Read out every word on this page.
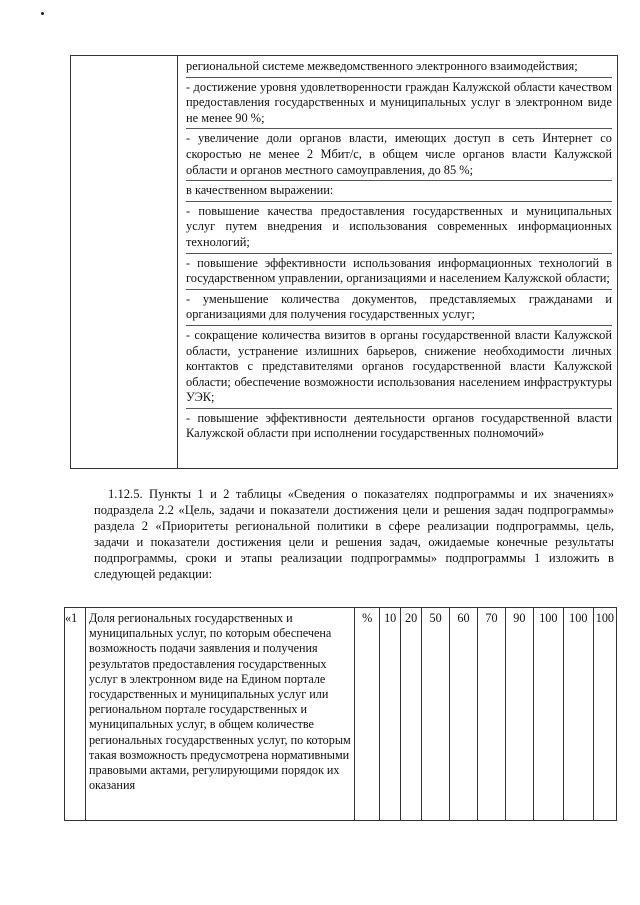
региональной системе межведомственного электронного взаимодействия;
- достижение уровня удовлетворенности граждан Калужской области качеством предоставления государственных и муниципальных услуг в электронном виде не менее 90 %;
- увеличение доли органов власти, имеющих доступ в сеть Интернет со скоростью не менее 2 Мбит/с, в общем числе органов власти Калужской области и органов местного самоуправления, до 85 %;
в качественном выражении:
- повышение качества предоставления государственных и муниципальных услуг путем внедрения и использования современных информационных технологий;
- повышение эффективности использования информационных технологий в государственном управлении, организациями и населением Калужской области;
- уменьшение количества документов, представляемых гражданами и организациями для получения государственных услуг;
- сокращение количества визитов в органы государственной власти Калужской области, устранение излишних барьеров, снижение необходимости личных контактов с представителями органов государственной власти Калужской области; обеспечение возможности использования населением инфраструктуры УЭК;
- повышение эффективности деятельности органов государственной власти Калужской области при исполнении государственных полномочий»
1.12.5. Пункты 1 и 2 таблицы «Сведения о показателях подпрограммы и их значениях» подраздела 2.2 «Цель, задачи и показатели достижения цели и решения задач подпрограммы» раздела 2 «Приоритеты региональной политики в сфере реализации подпрограммы, цель, задачи и показатели достижения цели и решения задач, ожидаемые конечные результаты подпрограммы, сроки и этапы реализации подпрограммы» подпрограммы 1 изложить в следующей редакции:
«1 Доля региональных государственных и муниципальных услуг, по которым обеспечена возможность подачи заявления и получения результатов предоставления государственных услуг в электронном виде на Едином портале государственных и муниципальных услуг или региональном портале государственных и муниципальных услуг, в общем количестве региональных государственных услуг, по которым такая возможность предусмотрена нормативными правовыми актами, регулирующими порядок их оказания
% 10 20	50	60	70	90	100 100 100
